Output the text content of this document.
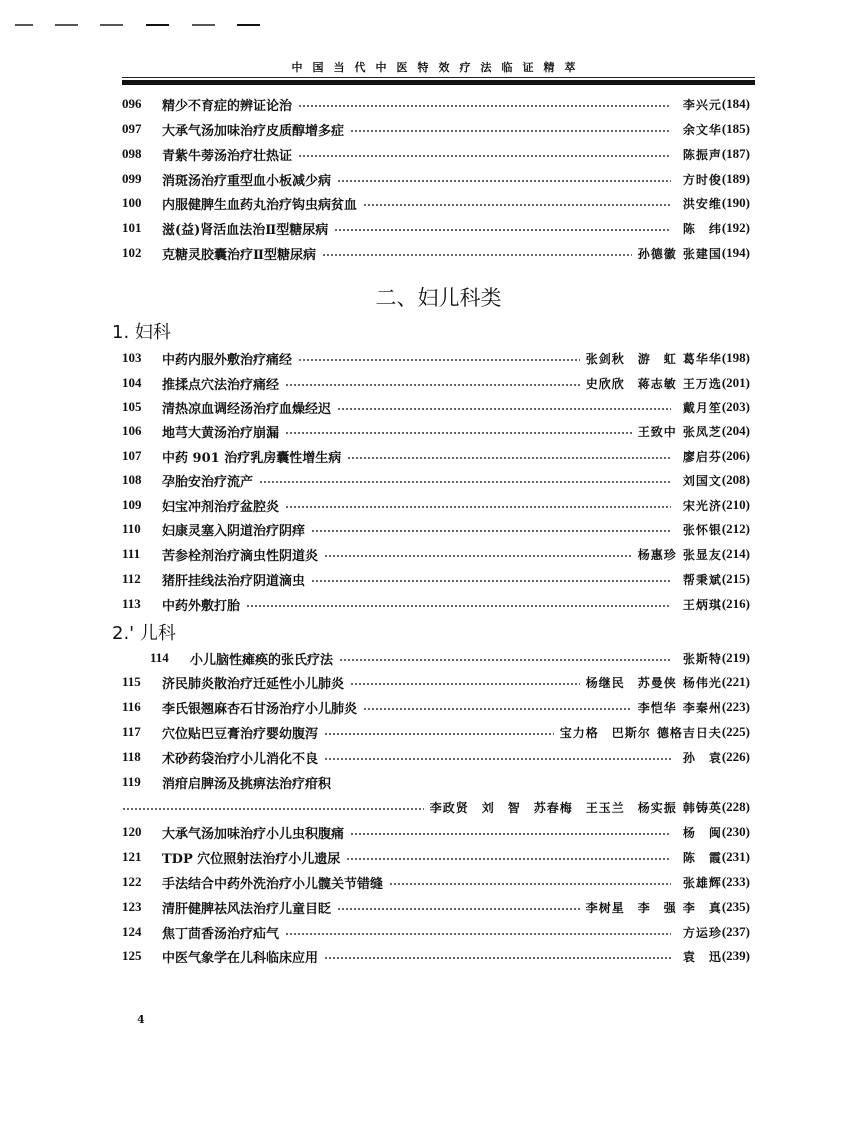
中国当代中医特效疗法临证精萃
096	精少不育症的辨证论治	李兴元 (184)
097	大承气汤加味治疗皮质醇增多症	余文华 (185)
098	青紫牛蒡汤治疗壮热证	陈振声 (187)
099	消斑汤治疗重型血小板减少病	方时俊 (189)
100	内服健脾生血药丸治疗钩虫病贫血	洪安维 (190)
101	滋(益)肾活血法治Ⅱ型糖尿病	陈　纬 (192)
102	克糖灵胶囊治疗Ⅱ型糖尿病	孙德徽 张建国 (194)
二、妇儿科类
1. 妇科
103	中药内服外敷治疗痛经	张剑秋　游　虹 葛华华 (198)
104	推揉点穴法治疗痛经	史欣欣　蒋志敏 王万选 (201)
105	清热凉血调经汤治疗血燥经迟	戴月笙 (203)
106	地芎大黄汤治疗崩漏	王致中 张凤芝 (204)
107	中药 901 治疗乳房囊性增生病	廖启芬 (206)
108	孕胎安治疗流产	刘国文 (208)
109	妇宝冲剂治疗盆腔炎	宋光济 (210)
110	妇康灵塞入阴道治疗阴痒	张怀银 (212)
111	苦参栓剂治疗滴虫性阴道炎	杨惠珍 张显友 (214)
112	猪肝挂线法治疗阴道滴虫	帮秉斌 (215)
113	中药外敷打胎	王炳琪 (216)
2.' 儿科
114	小儿脑性瘫痪的张氏疗法	张斯特 (219)
115	济民肺炎散治疗迁延性小儿肺炎	杨继民　苏曼侠 杨伟光 (221)
116	李氏银翘麻杏石甘汤治疗小儿肺炎	李恺华 李秦州 (223)
117	穴位贴巴豆膏治疗婴幼腹泻	宝力格　巴斯尔 德格吉日夫 (225)
118	术砂药袋治疗小儿消化不良	孙　袁 (226)
119	消疳启脾汤及挑痹法治疗疳积
李政贤　刘　智　苏春梅　王玉兰　杨实振 韩铸英 (228)
120	大承气汤加味治疗小儿虫积腹痛	杨　闽 (230)
121	TDP 穴位照射法治疗小儿遗尿	陈　霞 (231)
122	手法结合中药外洗治疗小儿髋关节错缝	张雄辉 (233)
123	清肝健脾祛风法治疗儿童目眨	李树星　李　强 李　真 (235)
124	焦丁茴香汤治疗疝气	方运珍 (237)
125	中医气象学在儿科临床应用	袁　迅 (239)
4
